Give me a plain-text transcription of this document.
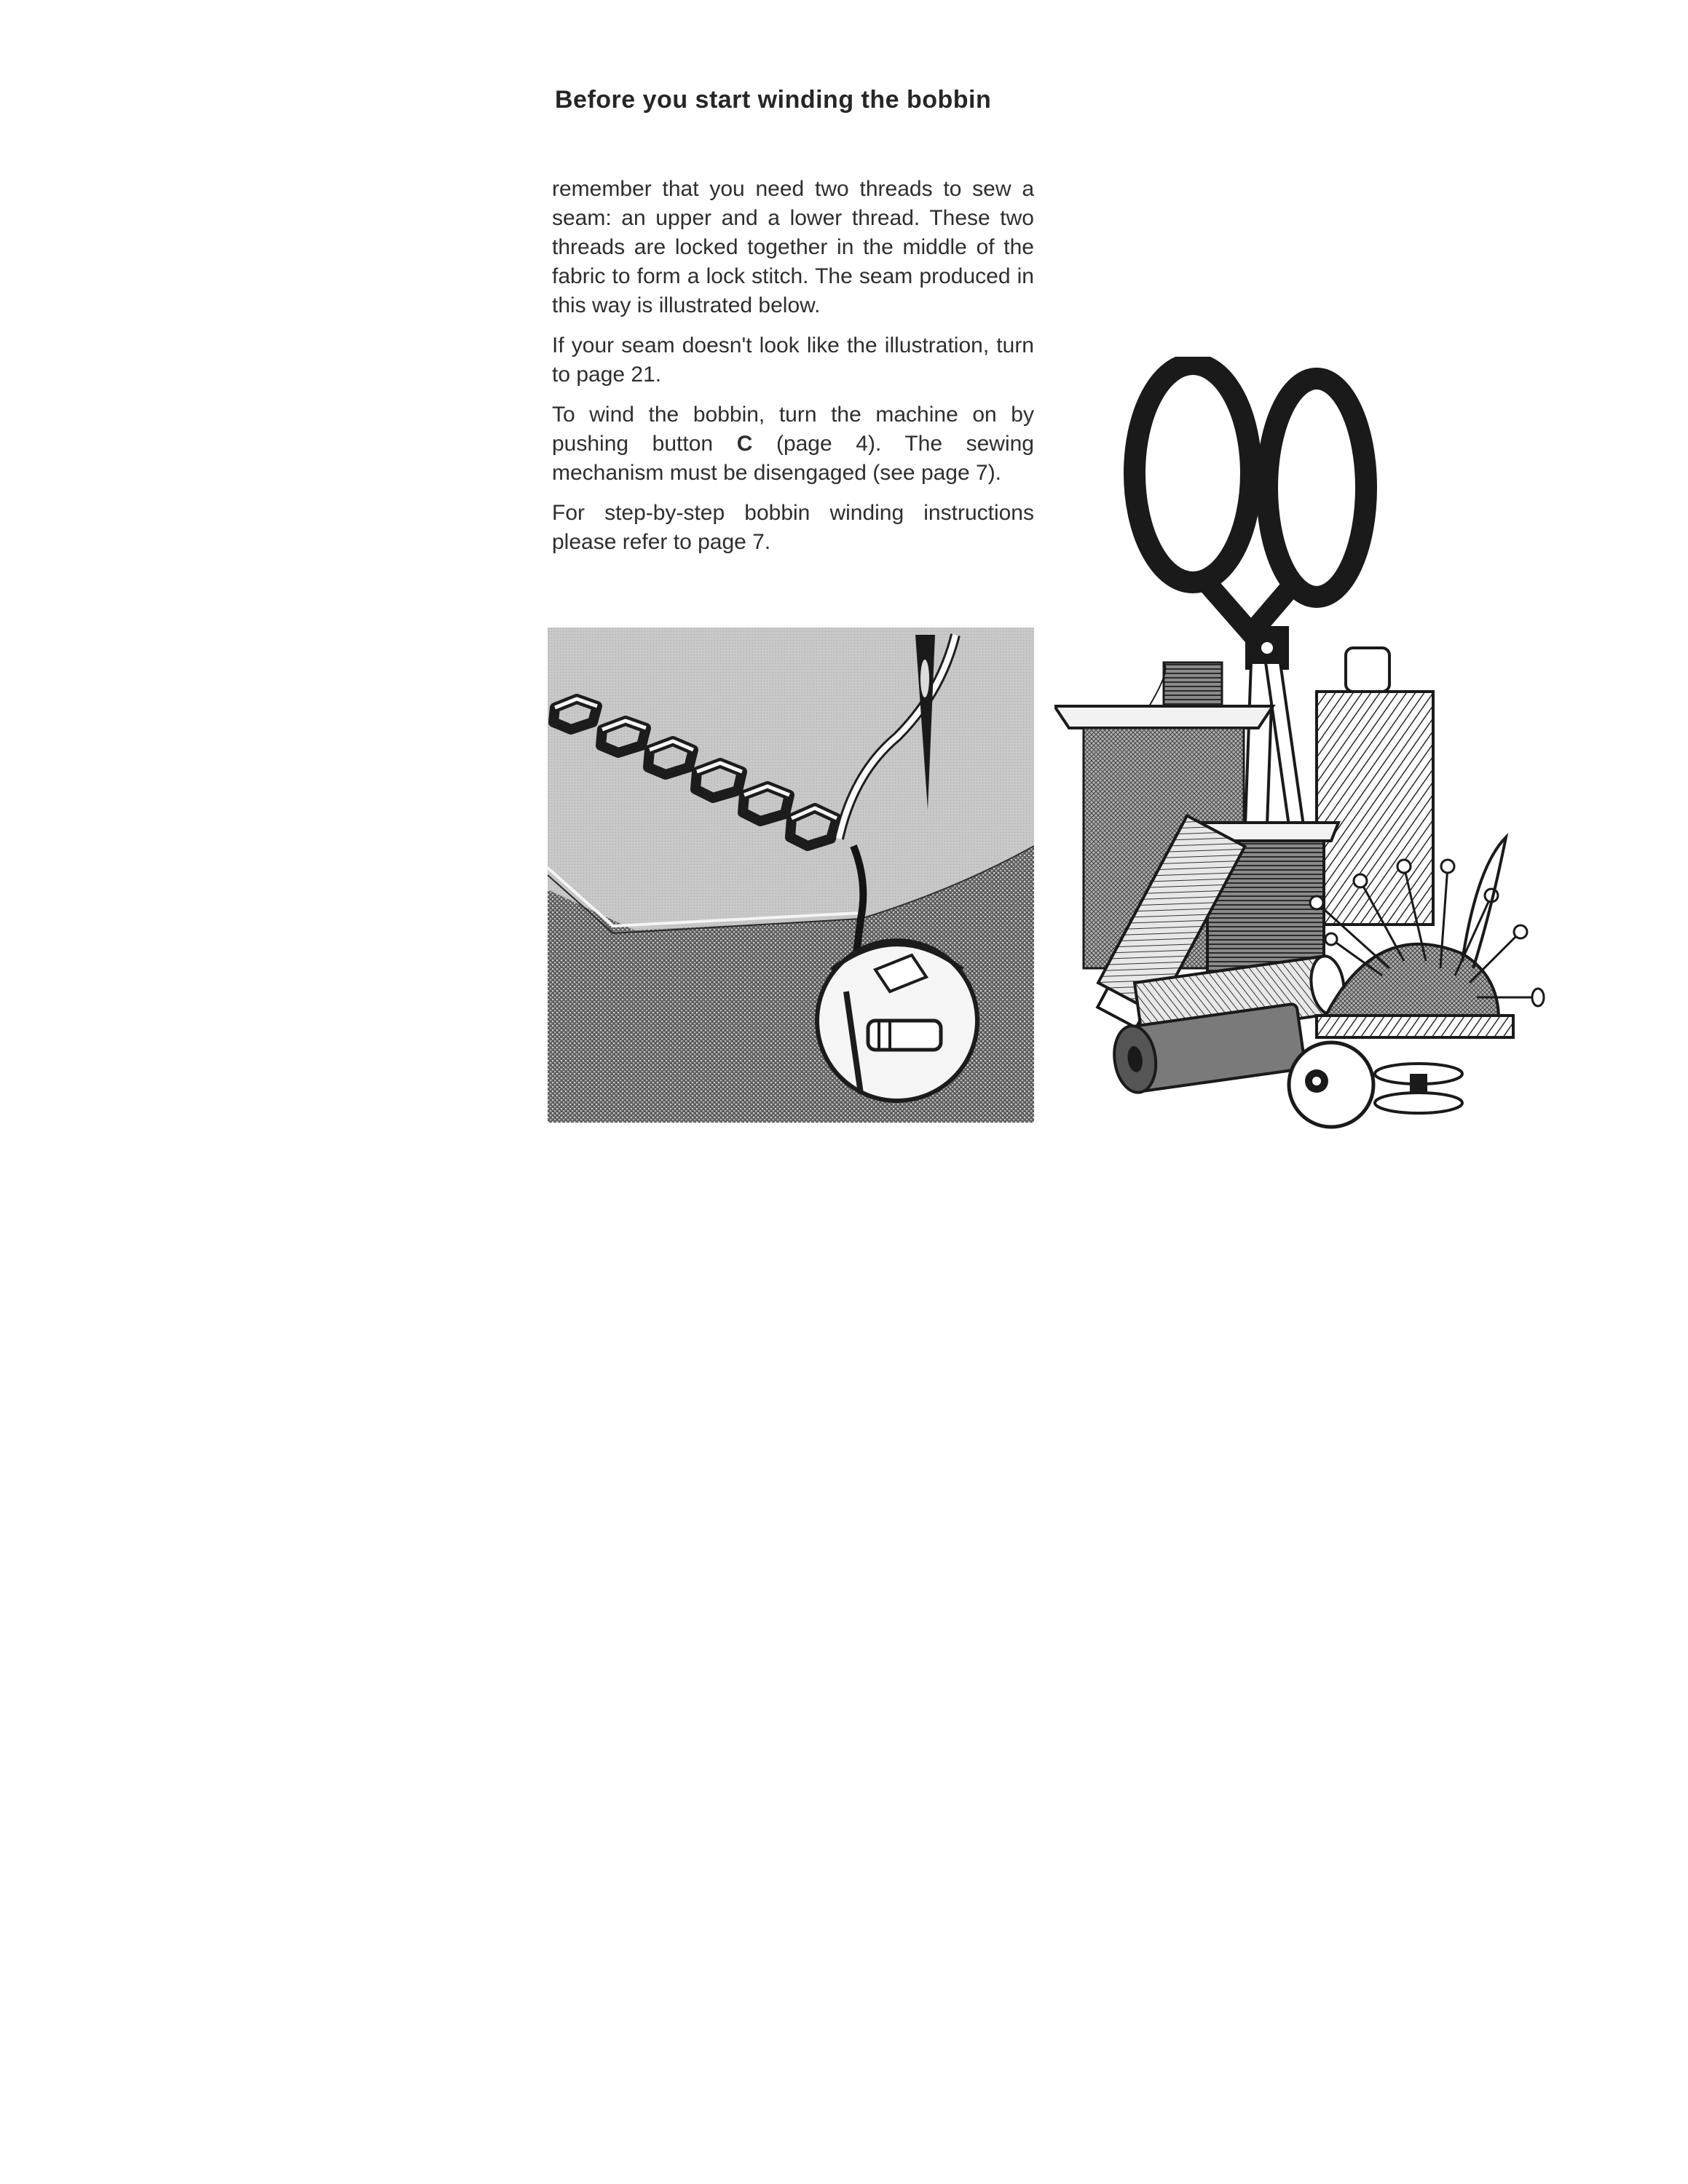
Before you start winding the bobbin

remember that you need two threads to sew a seam: an upper and a lower thread. These two threads are locked together in the middle of the fabric to form a lock stitch. The seam produced in this way is illustrated below.

If your seam doesn't look like the illustration, turn to page 21.

To wind the bobbin, turn the machine on by pushing button C (page 4). The sewing mechanism must be disengaged (see page 7).

For step-by-step bobbin winding instructions please refer to page 7.
